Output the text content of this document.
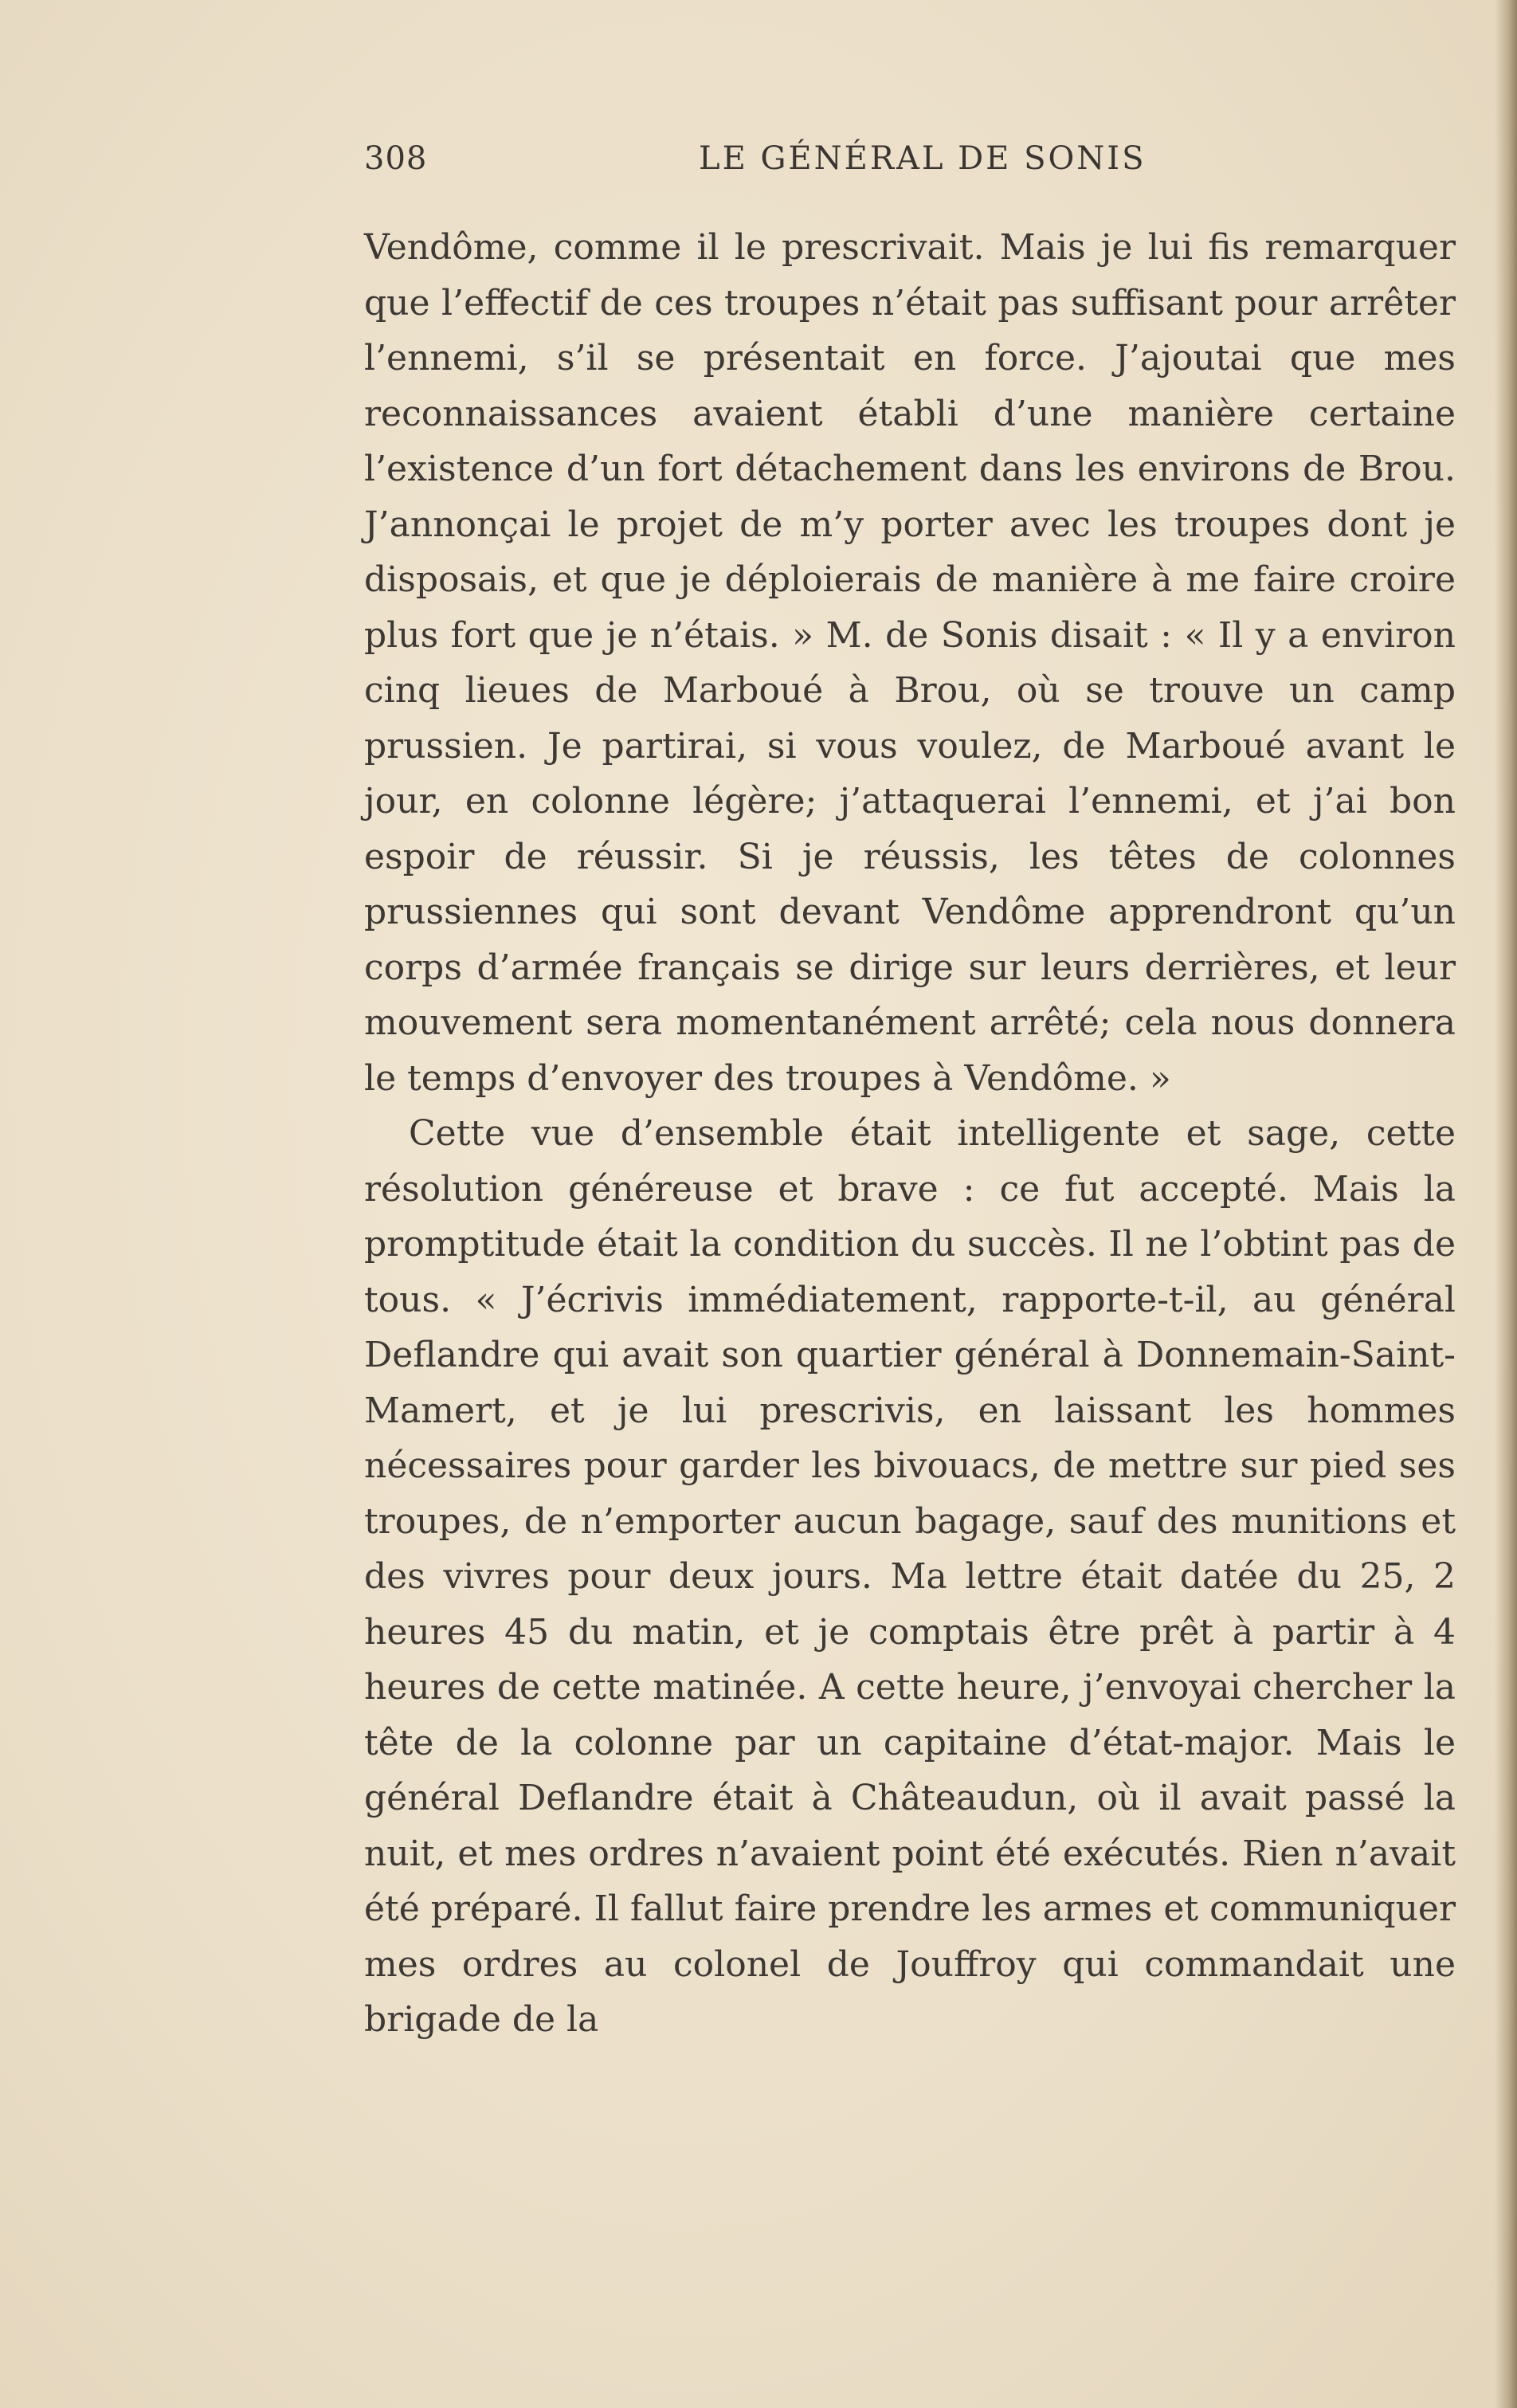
308	LE GÉNÉRAL DE SONIS

Vendôme, comme il le prescrivait. Mais je lui fis remarquer que l’effectif de ces troupes n’était pas suffisant pour arrêter l’ennemi, s’il se présentait en force. J’ajoutai que mes reconnaissances avaient établi d’une manière certaine l’existence d’un fort détachement dans les environs de Brou. J’annonçai le projet de m’y porter avec les troupes dont je disposais, et que je déploierais de manière à me faire croire plus fort que je n’étais. » M. de Sonis disait : « Il y a environ cinq lieues de Marboué à Brou, où se trouve un camp prussien. Je partirai, si vous voulez, de Marboué avant le jour, en colonne légère; j’attaquerai l’ennemi, et j’ai bon espoir de réussir. Si je réussis, les têtes de colonnes prussiennes qui sont devant Vendôme apprendront qu’un corps d’armée français se dirige sur leurs derrières, et leur mouvement sera momentanément arrêté; cela nous donnera le temps d’envoyer des troupes à Vendôme. »

Cette vue d’ensemble était intelligente et sage, cette résolution généreuse et brave : ce fut accepté. Mais la promptitude était la condition du succès. Il ne l’obtint pas de tous. « J’écrivis immédiatement, rapporte-t-il, au général Deflandre qui avait son quartier général à Donnemain-Saint-Mamert, et je lui prescrivis, en laissant les hommes nécessaires pour garder les bivouacs, de mettre sur pied ses troupes, de n’emporter aucun bagage, sauf des munitions et des vivres pour deux jours. Ma lettre était datée du 25, 2 heures 45 du matin, et je comptais être prêt à partir à 4 heures de cette matinée. A cette heure, j’envoyai chercher la tête de la colonne par un capitaine d’état-major. Mais le général Deflandre était à Châteaudun, où il avait passé la nuit, et mes ordres n’avaient point été exécutés. Rien n’avait été préparé. Il fallut faire prendre les armes et communiquer mes ordres au colonel de Jouffroy qui commandait une brigade de la
